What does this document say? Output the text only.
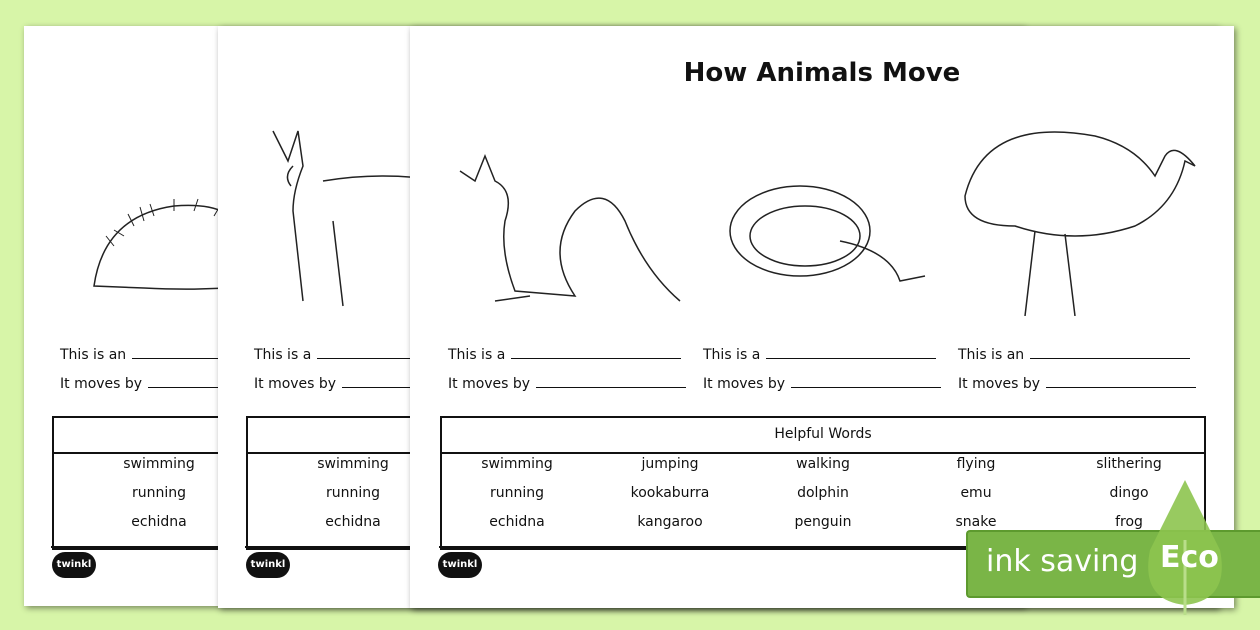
This is an
It moves by
swimming
running
echidna
twinkl
This is a
It moves by
swimming
running
echidna
twinkl
How Animals Move
This is a
It moves by
This is a
It moves by
This is an
It moves by
Helpful Words
swimming	jumping	walking	flying	slithering
running	kookaburra	dolphin	emu	dingo
echidna	kangaroo	penguin	snake	frog
twinkl	ink saving Eco
